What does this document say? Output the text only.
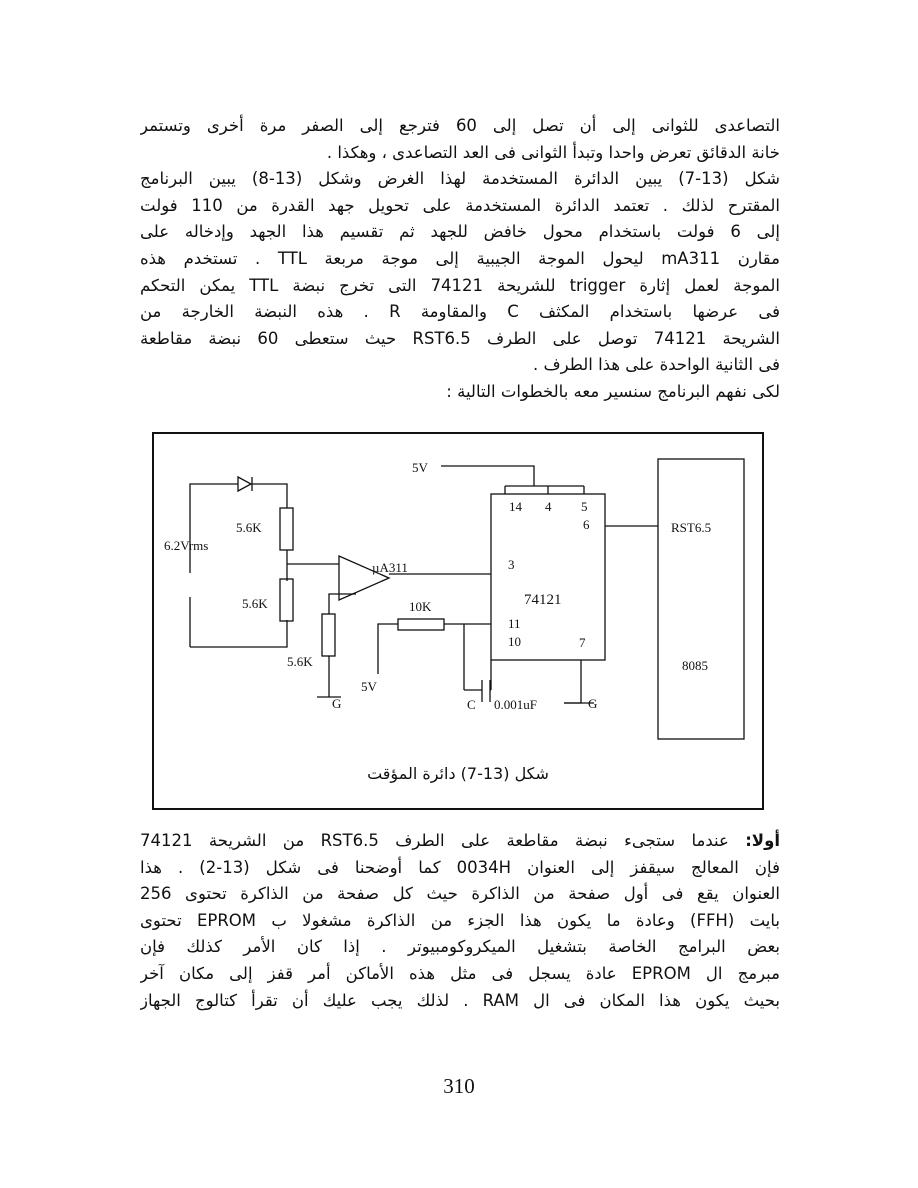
التصاعدى للثوانى إلى أن تصل إلى 60 فترجع إلى الصفر مرة أخرى وتستمر
خانة الدقائق تعرض واحدا وتبدأ الثوانى فى العد التصاعدى ، وهكذا .
شكل (13-7) يبين الدائرة المستخدمة لهذا الغرض وشكل (13-8) يبين البرنامج
المقترح لذلك . تعتمد الدائرة المستخدمة على تحويل جهد القدرة من 110 فولت
إلى 6 فولت باستخدام محول خافض للجهد ثم تقسيم هذا الجهد وإدخاله على
مقارن mA311 ليحول الموجة الجيبية إلى موجة مربعة TTL . تستخدم هذه
الموجة لعمل إثارة trigger للشريحة 74121 التى تخرج نبضة TTL يمكن التحكم
فى عرضها باستخدام المكثف C والمقاومة R . هذه النبضة الخارجة من
الشريحة 74121 توصل على الطرف RST6.5 حيث ستعطى 60 نبضة مقاطعة
فى الثانية الواحدة على هذا الطرف .
لكى نفهم البرنامج سنسير معه بالخطوات التالية :
5V
6.2Vrms
5.6K
5.6K
5.6K
µA311
10K
5V
14 4 5
6
3
74121
11
10	7
C 0.001uF
G	G
RST6.5
8085
شكل (13-7) دائرة المؤقت
أولا: عندما ستجىء نبضة مقاطعة على الطرف RST6.5 من الشريحة 74121
فإن المعالج سيقفز إلى العنوان 0034H كما أوضحنا فى شكل (13-2) . هذا
العنوان يقع فى أول صفحة من الذاكرة حيث كل صفحة من الذاكرة تحتوى 256
بايت (FFH) وعادة ما يكون هذا الجزء من الذاكرة مشغولا ب EPROM تحتوى
بعض البرامج الخاصة بتشغيل الميكروكومبيوتر . إذا كان الأمر كذلك فإن
مبرمج ال EPROM عادة يسجل فى مثل هذه الأماكن أمر قفز إلى مكان آخر
بحيث يكون هذا المكان فى ال RAM . لذلك يجب عليك أن تقرأ كتالوج الجهاز
310
